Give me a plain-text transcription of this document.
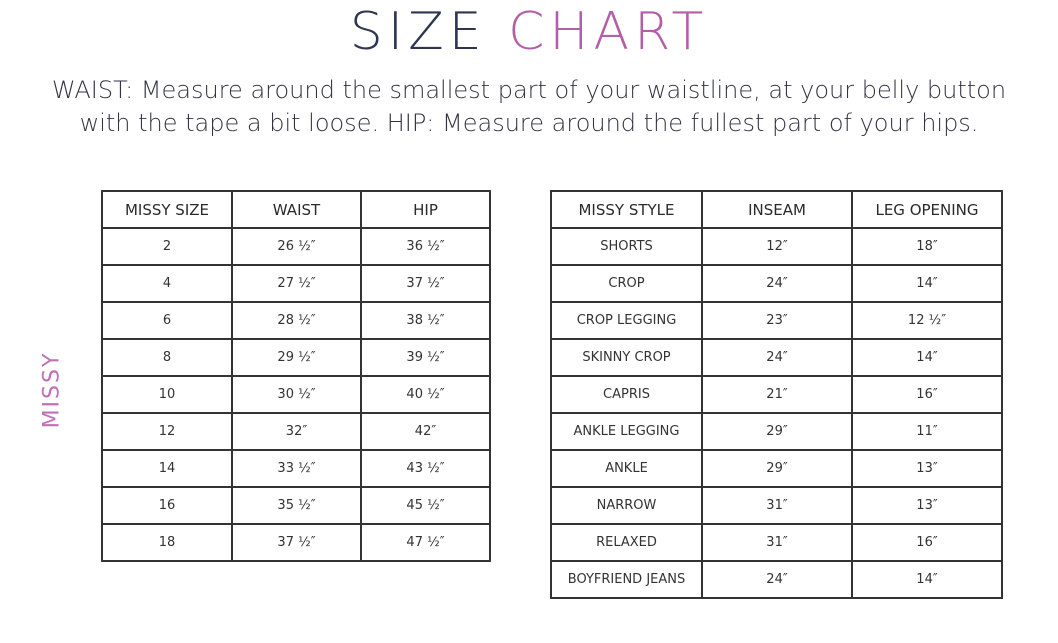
SIZE CHART
WAIST: Measure around the smallest part of your waistline, at your belly button
with the tape a bit loose. HIP: Measure around the fullest part of your hips.
MISSY
MISSY SIZE	WAIST	HIP
2	26 ½″	36 ½″
4	27 ½″	37 ½″
6	28 ½″	38 ½″
8	29 ½″	39 ½″
10	30 ½″	40 ½″
12	32″	42″
14	33 ½″	43 ½″
16	35 ½″	45 ½″
18	37 ½″	47 ½″
MISSY STYLE	INSEAM	LEG OPENING
SHORTS	12″	18″
CROP	24″	14″
CROP LEGGING	23″	12 ½″
SKINNY CROP	24″	14″
CAPRIS	21″	16″
ANKLE LEGGING	29″	11″
ANKLE	29″	13″
NARROW	31″	13″
RELAXED	31″	16″
BOYFRIEND JEANS	24″	14″
